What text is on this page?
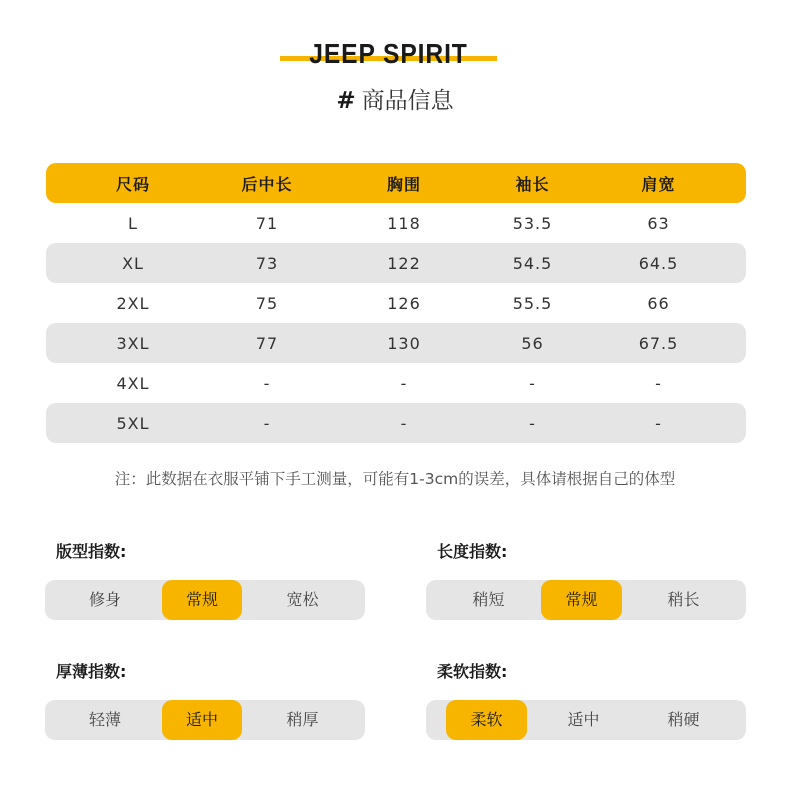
JEEP SPIRIT
# 商品信息
尺码	后中长	胸围	袖长	肩宽
L	71	118	53.5	63
XL	73	122	54.5	64.5
2XL	75	126	55.5	66
3XL	77	130	56	67.5
4XL	-	-	-	-
5XL	-	-	-	-
注：此数据在衣服平铺下手工测量，可能有1-3cm的误差，具体请根据自己的体型
版型指数:
修身	常规	宽松
长度指数:
稍短	常规	稍长
厚薄指数:
轻薄	适中	稍厚
柔软指数:
柔软	适中	稍硬
